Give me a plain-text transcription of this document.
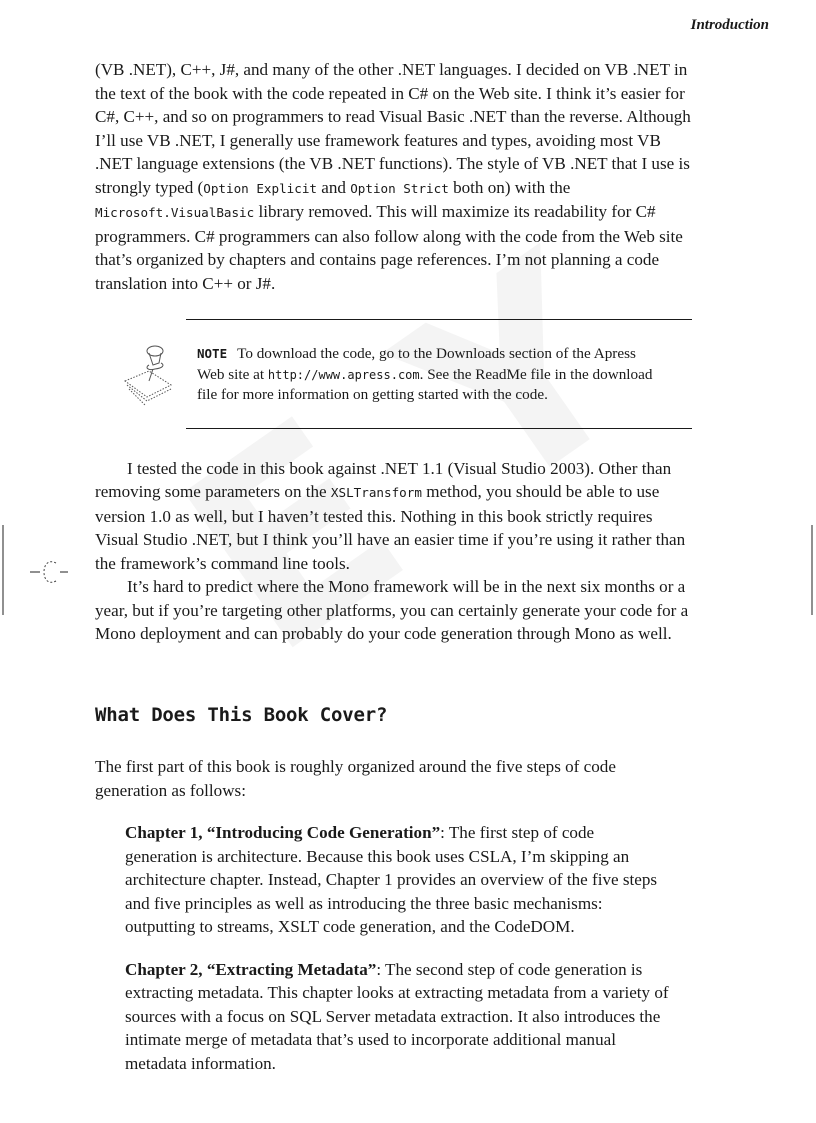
Introduction

(VB .NET), C++, J#, and many of the other .NET languages. I decided on VB .NET in the text of the book with the code repeated in C# on the Web site. I think it’s easier for C#, C++, and so on programmers to read Visual Basic .NET than the reverse. Although I’ll use VB .NET, I generally use framework features and types, avoiding most VB .NET language extensions (the VB .NET functions). The style of VB .NET that I use is strongly typed (Option Explicit and Option Strict both on) with the Microsoft.VisualBasic library removed. This will maximize its readability for C# programmers. C# programmers can also follow along with the code from the Web site that’s organized by chapters and contains page references. I’m not planning a code translation into C++ or J#.

NOTE To download the code, go to the Downloads section of the Apress Web site at http://www.apress.com. See the ReadMe file in the download file for more information on getting started with the code.

I tested the code in this book against .NET 1.1 (Visual Studio 2003). Other than removing some parameters on the XSLTransform method, you should be able to use version 1.0 as well, but I haven’t tested this. Nothing in this book strictly requires Visual Studio .NET, but I think you’ll have an easier time if you’re using it rather than the framework’s command line tools.

It’s hard to predict where the Mono framework will be in the next six months or a year, but if you’re targeting other platforms, you can certainly generate your code for a Mono deployment and can probably do your code generation through Mono as well.

What Does This Book Cover?

The first part of this book is roughly organized around the five steps of code generation as follows:

Chapter 1, “Introducing Code Generation”: The first step of code generation is architecture. Because this book uses CSLA, I’m skipping an architecture chapter. Instead, Chapter 1 provides an overview of the five steps and five principles as well as introducing the three basic mechanisms: outputting to streams, XSLT code generation, and the CodeDOM.

Chapter 2, “Extracting Metadata”: The second step of code generation is extracting metadata. This chapter looks at extracting metadata from a variety of sources with a focus on SQL Server metadata extraction. It also introduces the intimate merge of metadata that’s used to incorporate additional manual metadata information.
